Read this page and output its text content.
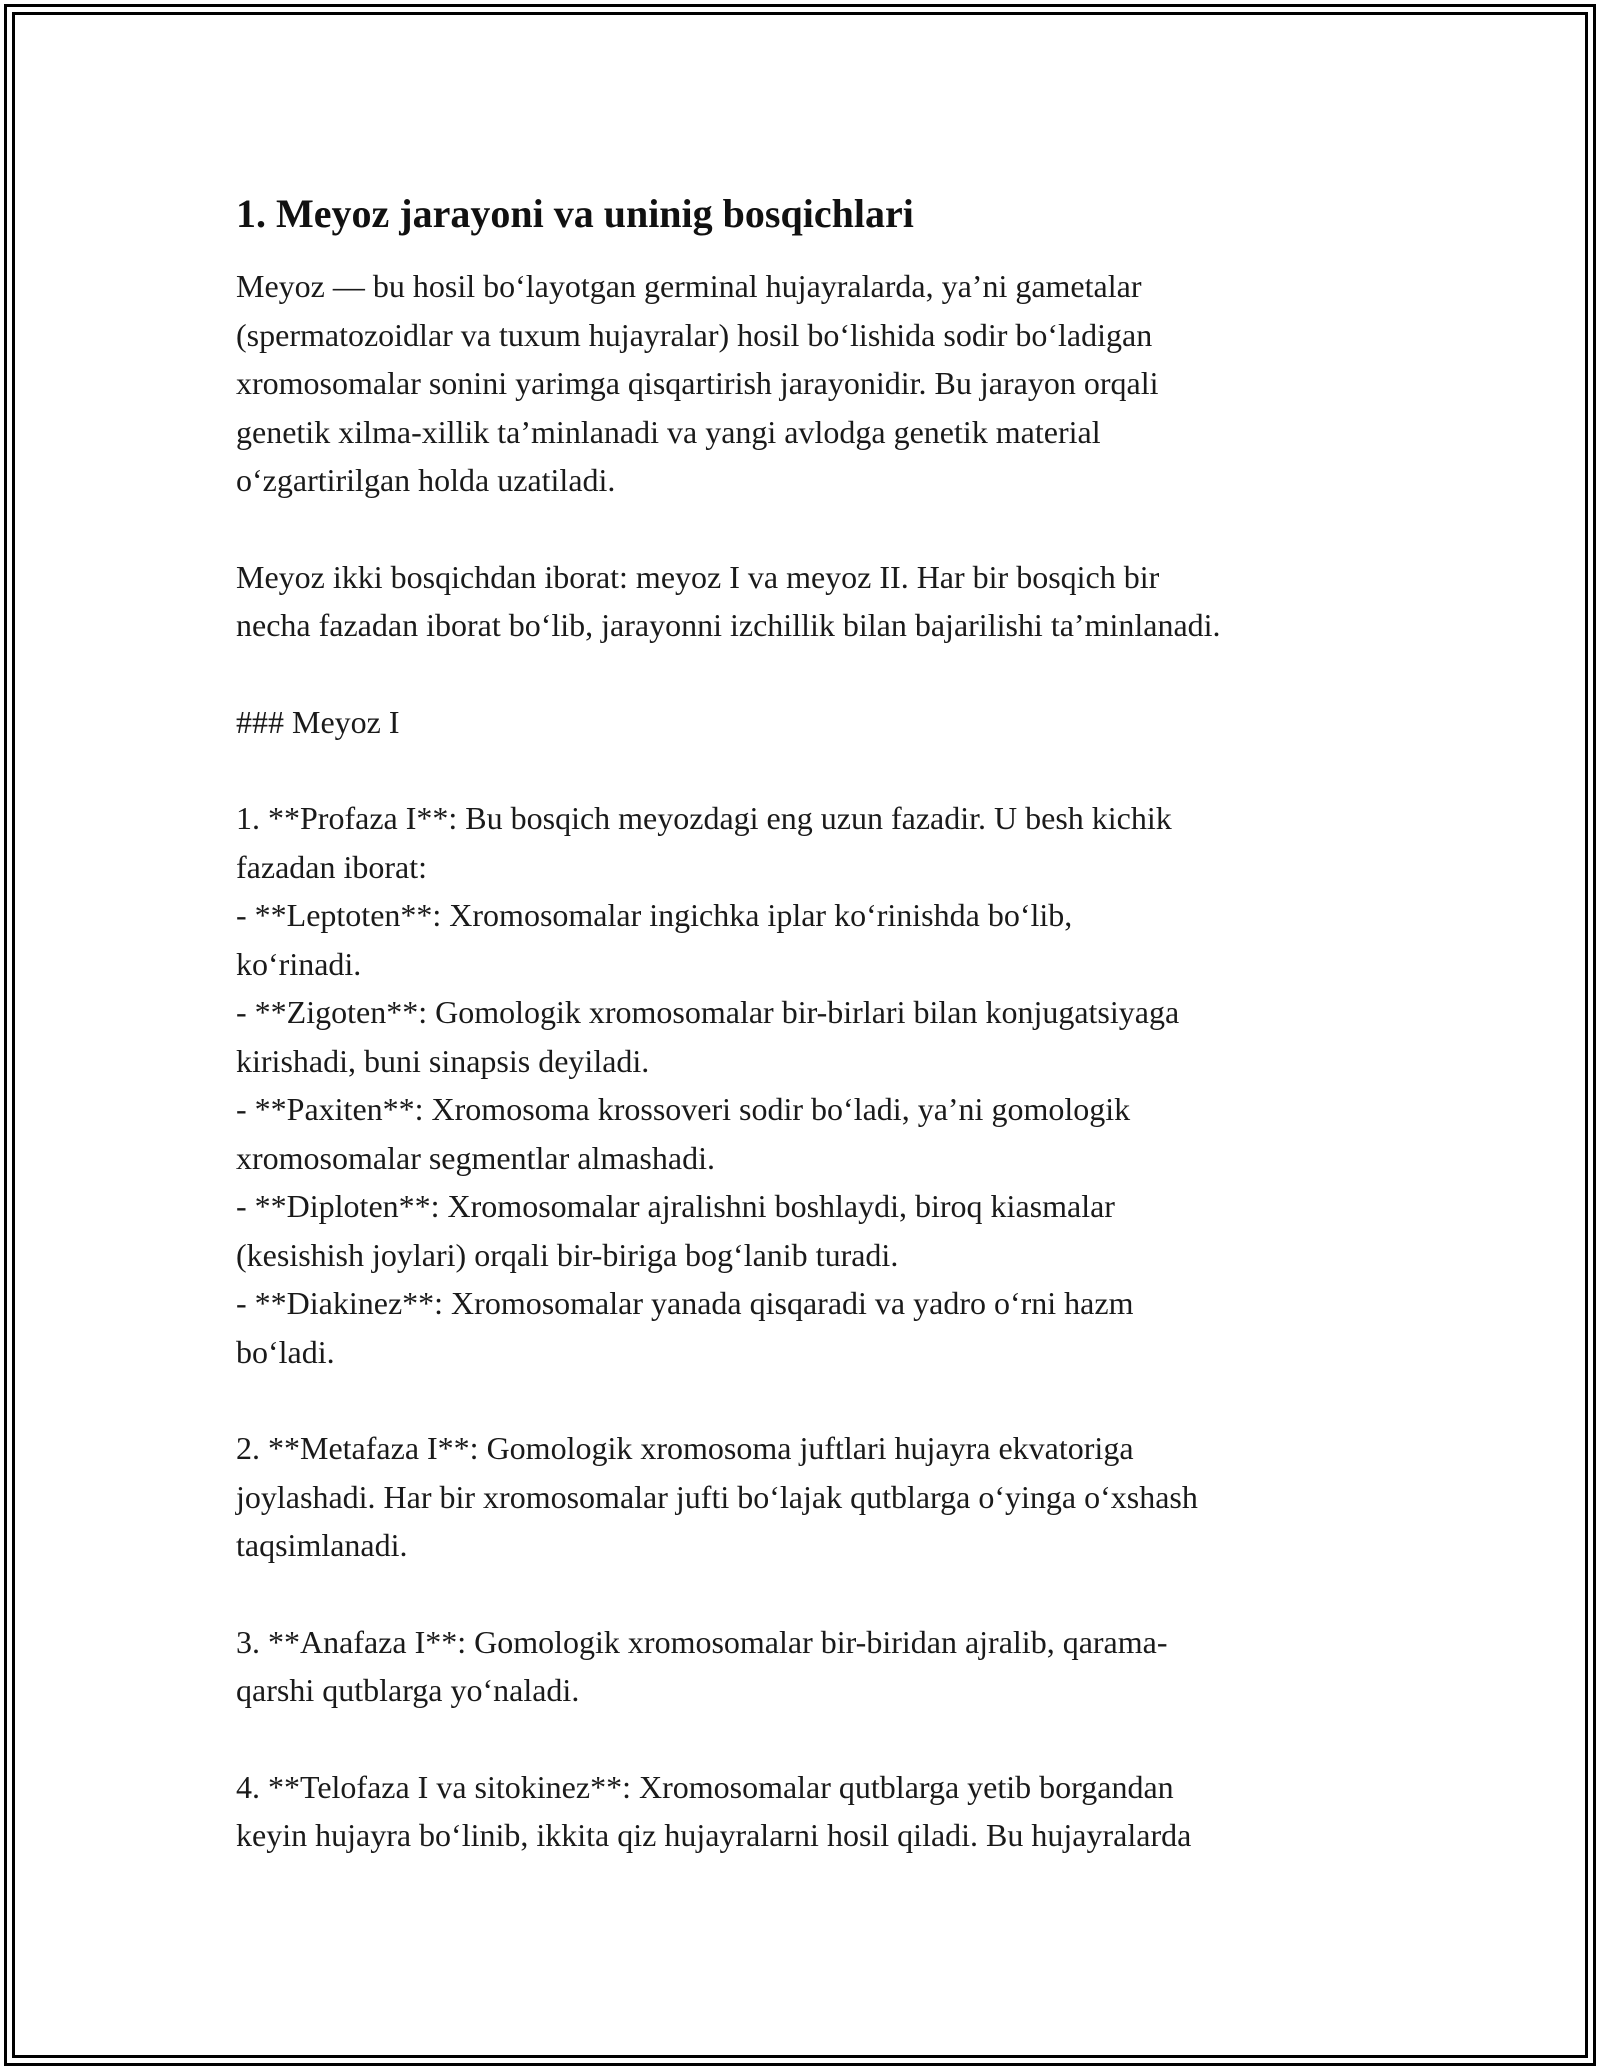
1. Meyoz jarayoni va uninig bosqichlari

Meyoz — bu hosil bo‘layotgan germinal hujayralarda, ya’ni gametalar
(spermatozoidlar va tuxum hujayralar) hosil bo‘lishida sodir bo‘ladigan
xromosomalar sonini yarimga qisqartirish jarayonidir. Bu jarayon orqali
genetik xilma-xillik ta’minlanadi va yangi avlodga genetik material
o‘zgartirilgan holda uzatiladi.

Meyoz ikki bosqichdan iborat: meyoz I va meyoz II. Har bir bosqich bir
necha fazadan iborat bo‘lib, jarayonni izchillik bilan bajarilishi ta’minlanadi.

### Meyoz I

1. **Profaza I**: Bu bosqich meyozdagi eng uzun fazadir. U besh kichik
fazadan iborat:
- **Leptoten**: Xromosomalar ingichka iplar ko‘rinishda bo‘lib,
ko‘rinadi.
- **Zigoten**: Gomologik xromosomalar bir-birlari bilan konjugatsiyaga
kirishadi, buni sinapsis deyiladi.
- **Paxiten**: Xromosoma krossoveri sodir bo‘ladi, ya’ni gomologik
xromosomalar segmentlar almashadi.
- **Diploten**: Xromosomalar ajralishni boshlaydi, biroq kiasmalar
(kesishish joylari) orqali bir-biriga bog‘lanib turadi.
- **Diakinez**: Xromosomalar yanada qisqaradi va yadro o‘rni hazm
bo‘ladi.

2. **Metafaza I**: Gomologik xromosoma juftlari hujayra ekvatoriga
joylashadi. Har bir xromosomalar jufti bo‘lajak qutblarga o‘yinga o‘xshash
taqsimlanadi.

3. **Anafaza I**: Gomologik xromosomalar bir-biridan ajralib, qarama-
qarshi qutblarga yo‘naladi.

4. **Telofaza I va sitokinez**: Xromosomalar qutblarga yetib borgandan
keyin hujayra bo‘linib, ikkita qiz hujayralarni hosil qiladi. Bu hujayralarda
